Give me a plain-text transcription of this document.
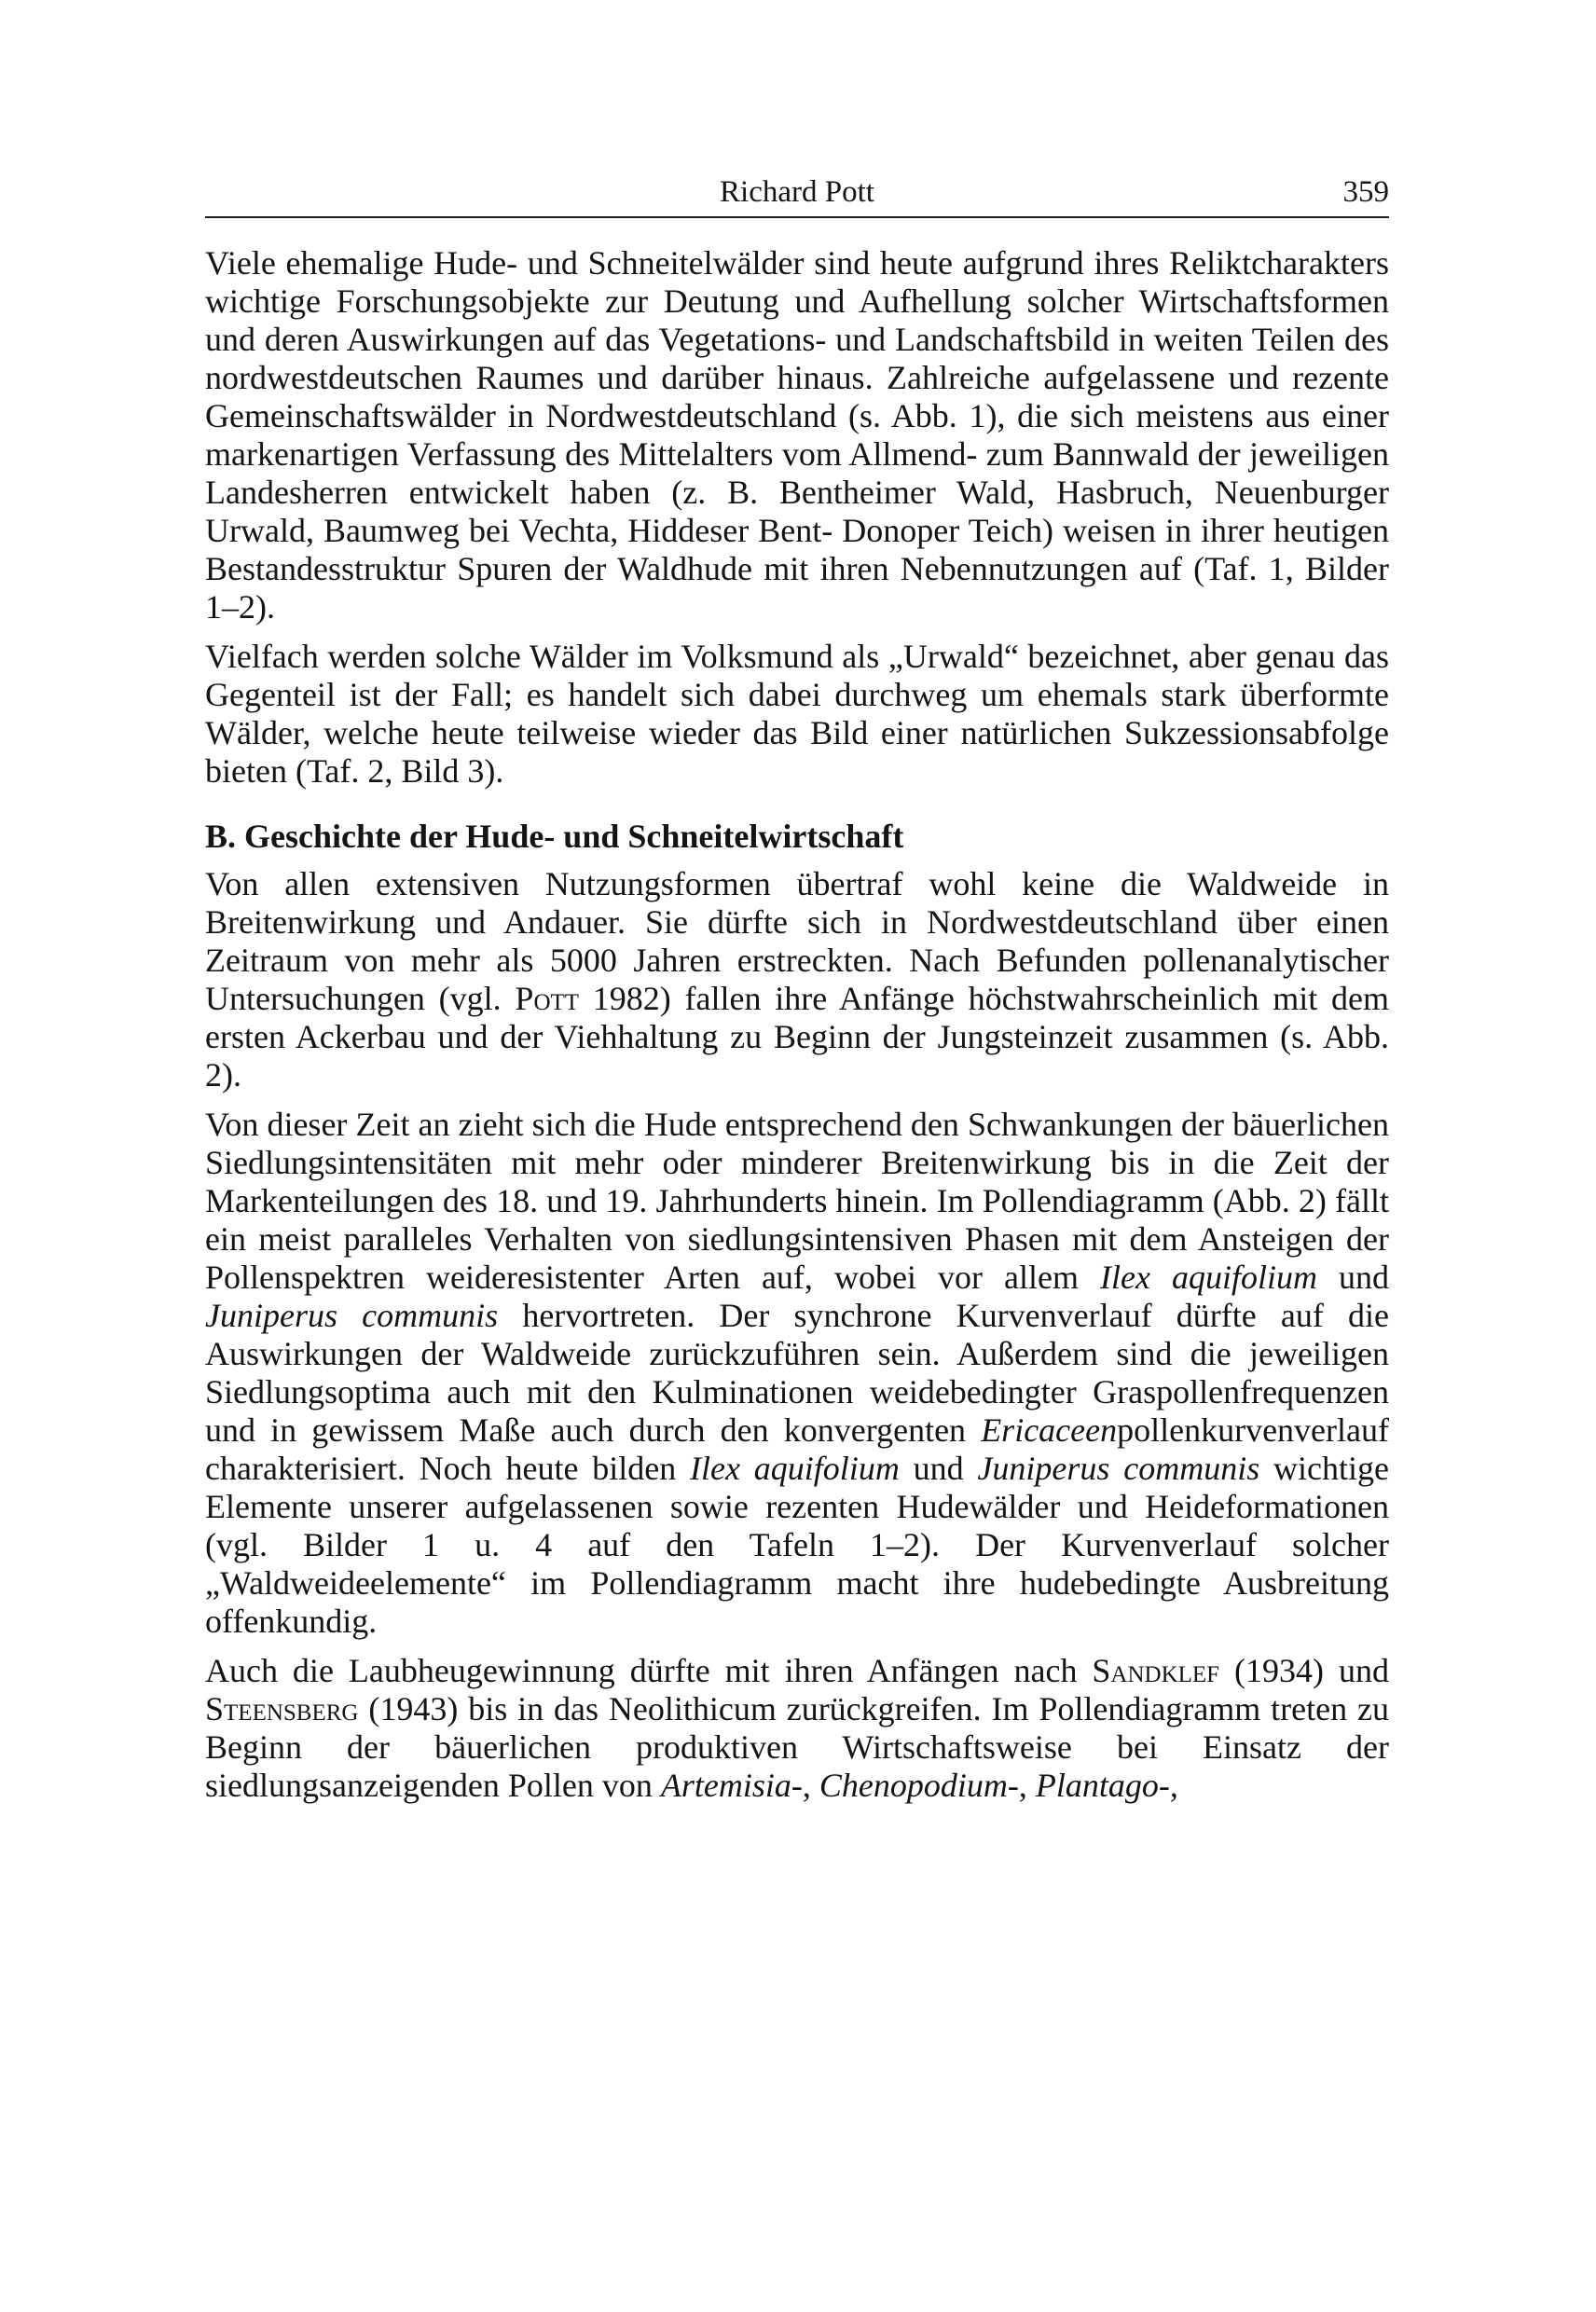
Richard Pott	359

Viele ehemalige Hude- und Schneitelwälder sind heute aufgrund ihres Reliktcharakters wichtige Forschungsobjekte zur Deutung und Aufhellung solcher Wirtschaftsformen und deren Auswirkungen auf das Vegetations- und Landschaftsbild in weiten Teilen des nordwestdeutschen Raumes und darüber hinaus. Zahlreiche aufgelassene und rezente Gemeinschaftswälder in Nordwestdeutschland (s. Abb. 1), die sich meistens aus einer markenartigen Verfassung des Mittelalters vom Allmend- zum Bannwald der jeweiligen Landesherren entwickelt haben (z. B. Bentheimer Wald, Hasbruch, Neuenburger Urwald, Baumweg bei Vechta, Hiddeser Bent- Donoper Teich) weisen in ihrer heutigen Bestandesstruktur Spuren der Waldhude mit ihren Nebennutzungen auf (Taf. 1, Bilder 1–2).

Vielfach werden solche Wälder im Volksmund als „Urwald“ bezeichnet, aber genau das Gegenteil ist der Fall; es handelt sich dabei durchweg um ehemals stark überformte Wälder, welche heute teilweise wieder das Bild einer natürlichen Sukzessionsabfolge bieten (Taf. 2, Bild 3).

B. Geschichte der Hude- und Schneitelwirtschaft

Von allen extensiven Nutzungsformen übertraf wohl keine die Waldweide in Breitenwirkung und Andauer. Sie dürfte sich in Nordwestdeutschland über einen Zeitraum von mehr als 5000 Jahren erstreckten. Nach Befunden pollenanalytischer Untersuchungen (vgl. Pott 1982) fallen ihre Anfänge höchstwahrscheinlich mit dem ersten Ackerbau und der Viehhaltung zu Beginn der Jungsteinzeit zusammen (s. Abb. 2).

Von dieser Zeit an zieht sich die Hude entsprechend den Schwankungen der bäuerlichen Siedlungsintensitäten mit mehr oder minderer Breitenwirkung bis in die Zeit der Markenteilungen des 18. und 19. Jahrhunderts hinein. Im Pollendiagramm (Abb. 2) fällt ein meist paralleles Verhalten von siedlungsintensiven Phasen mit dem Ansteigen der Pollenspektren weideresistenter Arten auf, wobei vor allem Ilex aquifolium und Juniperus communis hervortreten. Der synchrone Kurvenverlauf dürfte auf die Auswirkungen der Waldweide zurückzuführen sein. Außerdem sind die jeweiligen Siedlungsoptima auch mit den Kulminationen weidebedingter Graspollenfrequenzen und in gewissem Maße auch durch den konvergenten Ericaceenpollenkurvenverlauf charakterisiert. Noch heute bilden Ilex aquifolium und Juniperus communis wichtige Elemente unserer aufgelassenen sowie rezenten Hudewälder und Heideformationen (vgl. Bilder 1 u. 4 auf den Tafeln 1–2). Der Kurvenverlauf solcher „Waldweideelemente“ im Pollendiagramm macht ihre hudebedingte Ausbreitung offenkundig.

Auch die Laubheugewinnung dürfte mit ihren Anfängen nach Sandklef (1934) und Steensberg (1943) bis in das Neolithicum zurückgreifen. Im Pollendiagramm treten zu Beginn der bäuerlichen produktiven Wirtschaftsweise bei Einsatz der siedlungsanzeigenden Pollen von Artemisia-, Chenopodium-, Plantago-,
